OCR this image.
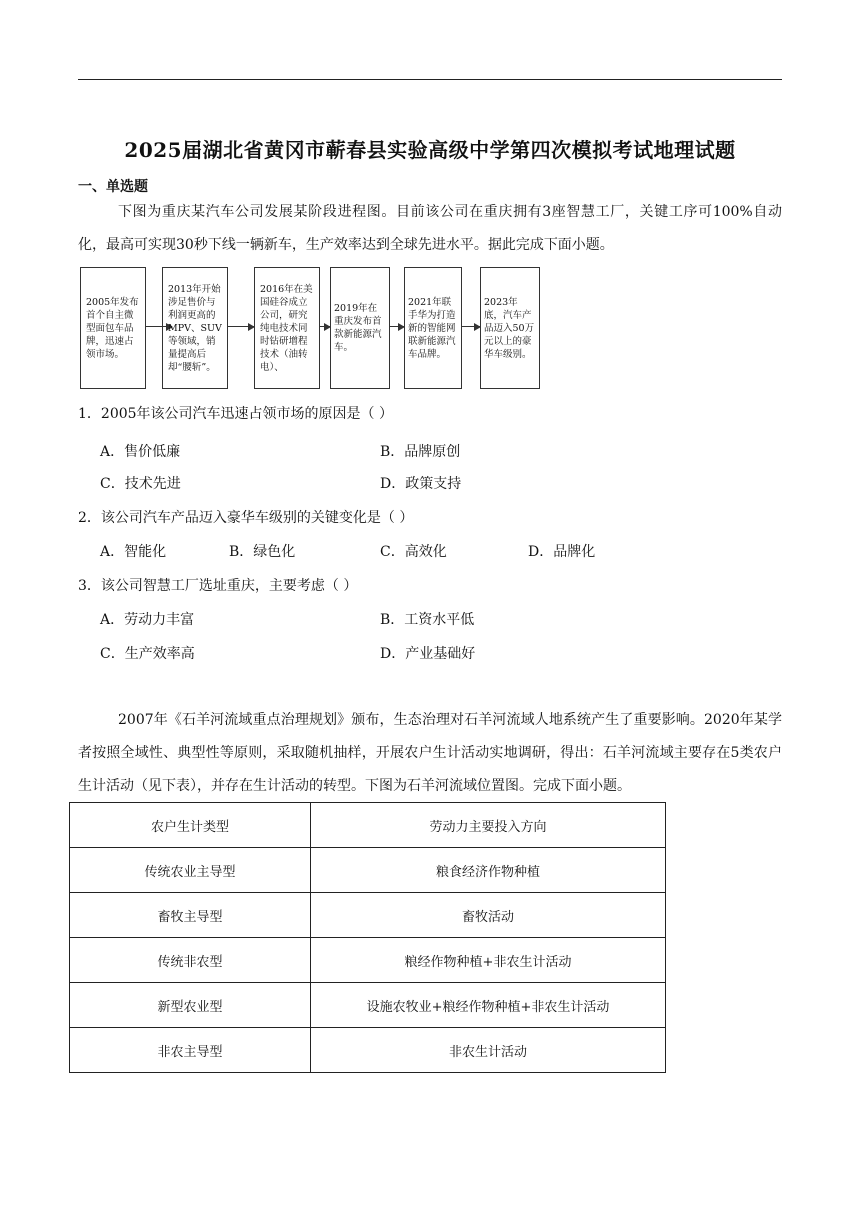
2025届湖北省黄冈市蕲春县实验高级中学第四次模拟考试地理试题
一、单选题
下图为重庆某汽车公司发展某阶段进程图。目前该公司在重庆拥有3座智慧工厂，关键工序可100%自动化，最高可实现30秒下线一辆新车，生产效率达到全球先进水平。据此完成下面小题。
2005年发布首个自主微型面包车品牌，迅速占领市场。
2013年开始涉足售价与利润更高的MPV、SUV等领域，销量提高后却“腰斩”。
2016年在美国硅谷成立公司，研究纯电技术同时钻研增程技术（油转电）、
2019年在重庆发布首款新能源汽车。
2021年联手华为打造新的智能网联新能源汽车品牌。
2023年底，汽车产品迈入50万元以上的豪华车级别。
1．2005年该公司汽车迅速占领市场的原因是（ ）
A．售价低廉	B．品牌原创
C．技术先进	D．政策支持
2．该公司汽车产品迈入豪华车级别的关键变化是（ ）
A．智能化	B．绿色化	C．高效化	D．品牌化
3．该公司智慧工厂选址重庆，主要考虑（ ）
A．劳动力丰富	B．工资水平低
C．生产效率高	D．产业基础好
2007年《石羊河流域重点治理规划》颁布，生态治理对石羊河流域人地系统产生了重要影响。2020年某学者按照全域性、典型性等原则，采取随机抽样，开展农户生计活动实地调研，得出：石羊河流域主要存在5类农户生计活动（见下表），并存在生计活动的转型。下图为石羊河流域位置图。完成下面小题。
农户生计类型	劳动力主要投入方向
传统农业主导型	粮食经济作物种植
畜牧主导型	畜牧活动
传统非农型	粮经作物种植+非农生计活动
新型农业型	设施农牧业+粮经作物种植+非农生计活动
非农主导型	非农生计活动
